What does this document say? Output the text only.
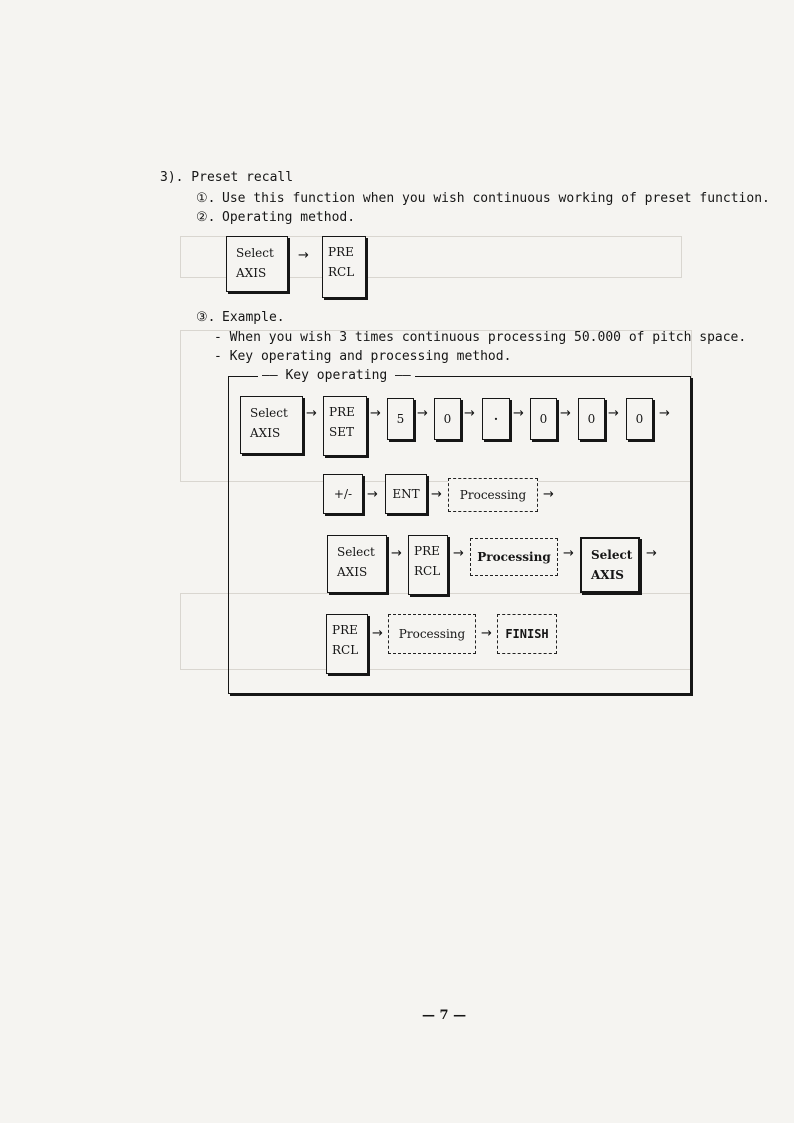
3). Preset recall
①. Use this function when you wish continuous working of preset function.
②. Operating method.
Select
AXIS
→ PRE
RCL
③. Example.
- When you wish 3 times continuous processing 50.000 of pitch space.
- Key operating and processing method.
—— Key operating ——
Select
AXIS
→ PRE
SET
→	5 →	0 →	·	→	0 →	0 →	0	→
+/-	→	ENT →	Processing	→
Select
AXIS
→ PRE
RCL
→	Processing → Select
AXIS
→
PRE
RCL
→	Processing	→	FINISH
— 7 —
